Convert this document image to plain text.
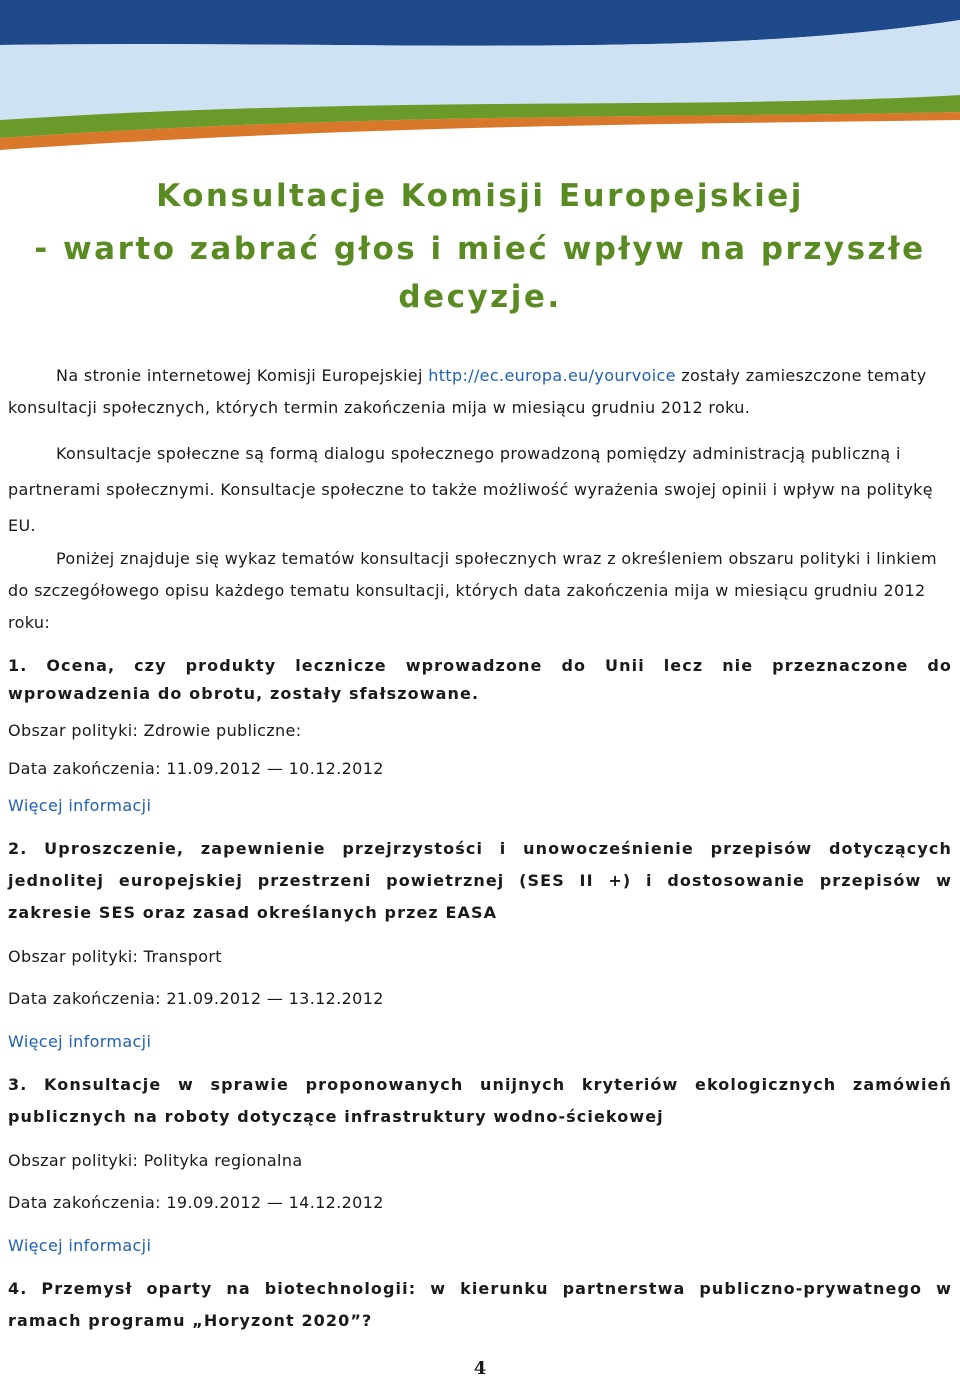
Konsultacje Komisji Europejskiej
- warto zabrać głos i mieć wpływ na przyszłe
decyzje.
Na stronie internetowej Komisji Europejskiej http://ec.europa.eu/yourvoice zostały zamieszczone tematy konsultacji społecznych, których termin zakończenia mija w miesiącu grudniu 2012 roku.
Konsultacje społeczne są formą dialogu społecznego prowadzoną pomiędzy administracją publiczną i partnerami społecznymi. Konsultacje społeczne to także możliwość wyrażenia swojej opinii i wpływ na politykę EU.
Poniżej znajduje się wykaz tematów konsultacji społecznych wraz z określeniem obszaru polityki i linkiem do szczegółowego opisu każdego tematu konsultacji, których data zakończenia mija w miesiącu grudniu 2012 roku:
1. Ocena, czy produkty lecznicze wprowadzone do Unii lecz nie przeznaczone do wprowadzenia do obrotu, zostały sfałszowane.
Obszar polityki: Zdrowie publiczne:
Data zakończenia: 11.09.2012 — 10.12.2012
Więcej informacji
2. Uproszczenie, zapewnienie przejrzystości i unowocześnienie przepisów dotyczących jednolitej europejskiej przestrzeni powietrznej (SES II +) i dostosowanie przepisów w zakresie SES oraz zasad określanych przez EASA
Obszar polityki: Transport
Data zakończenia: 21.09.2012 — 13.12.2012
Więcej informacji
3. Konsultacje w sprawie proponowanych unijnych kryteriów ekologicznych zamówień publicznych na roboty dotyczące infrastruktury wodno-ściekowej
Obszar polityki: Polityka regionalna
Data zakończenia: 19.09.2012 — 14.12.2012
Więcej informacji
4. Przemysł oparty na biotechnologii: w kierunku partnerstwa publiczno-prywatnego w ramach programu „Horyzont 2020”?
4
